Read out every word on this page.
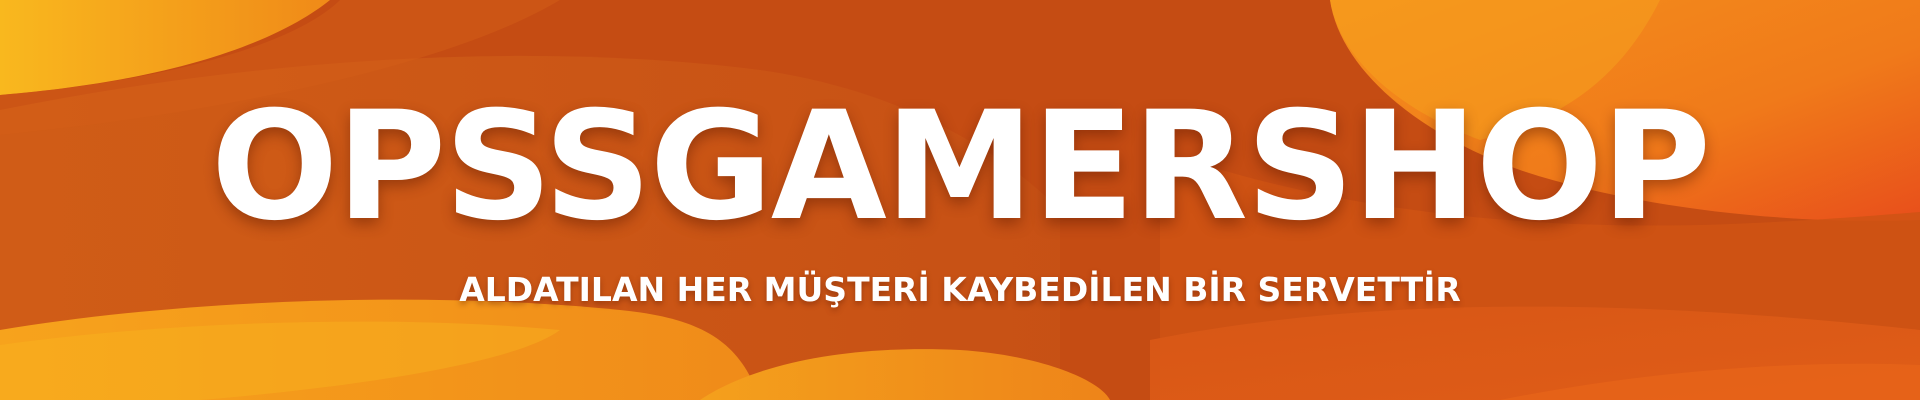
OPSSGAMERSHOP
ALDATILAN HER MÜŞTERİ KAYBEDİLEN BİR SERVETTİR
